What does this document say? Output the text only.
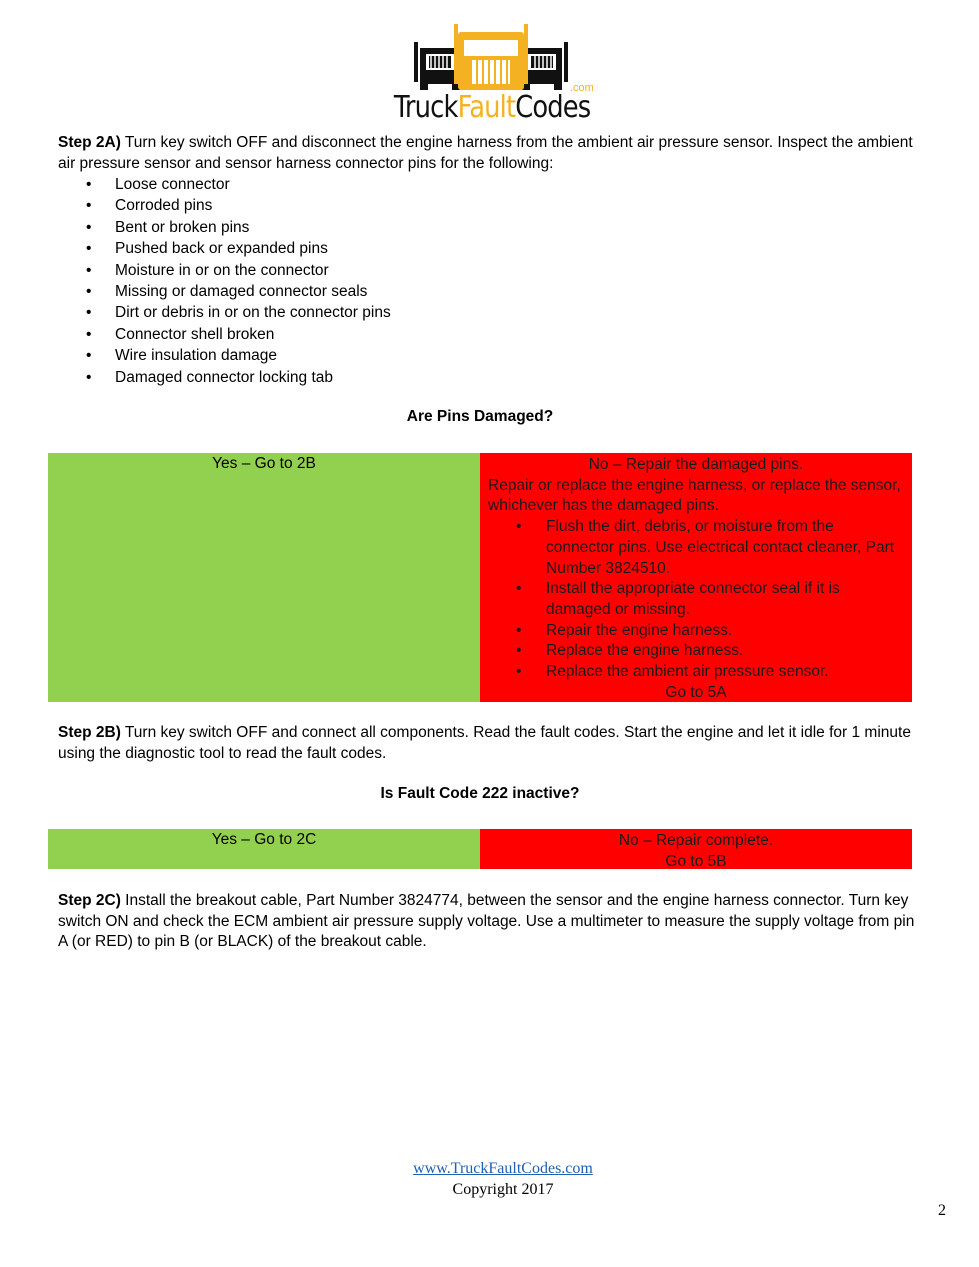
.com
TruckFaultCodes

Step 2A) Turn key switch OFF and disconnect the engine harness from the ambient air pressure sensor. Inspect the ambient air pressure sensor and sensor harness connector pins for the following:

• Loose connector
• Corroded pins
• Bent or broken pins
• Pushed back or expanded pins
• Moisture in or on the connector
• Missing or damaged connector seals
• Dirt or debris in or on the connector pins
• Connector shell broken
• Wire insulation damage
• Damaged connector locking tab
Are Pins Damaged?
Yes – Go to 2B	No – Repair the damaged pins.
Repair or replace the engine harness, or replace the sensor, whichever has the damaged pins.
• Flush the dirt, debris, or moisture from the connector pins. Use electrical contact cleaner, Part Number 3824510.
• Install the appropriate connector seal if it is damaged or missing.
• Repair the engine harness.
• Replace the engine harness.
• Replace the ambient air pressure sensor.
Go to 5A

Step 2B) Turn key switch OFF and connect all components. Read the fault codes. Start the engine and let it idle for 1 minute using the diagnostic tool to read the fault codes.

Is Fault Code 222 inactive?
Yes – Go to 2C	No – Repair complete.
Go to 5B

Step 2C) Install the breakout cable, Part Number 3824774, between the sensor and the engine harness connector. Turn key switch ON and check the ECM ambient air pressure supply voltage. Use a multimeter to measure the supply voltage from pin A (or RED) to pin B (or BLACK) of the breakout cable.

www.TruckFaultCodes.com
Copyright 2017
2
